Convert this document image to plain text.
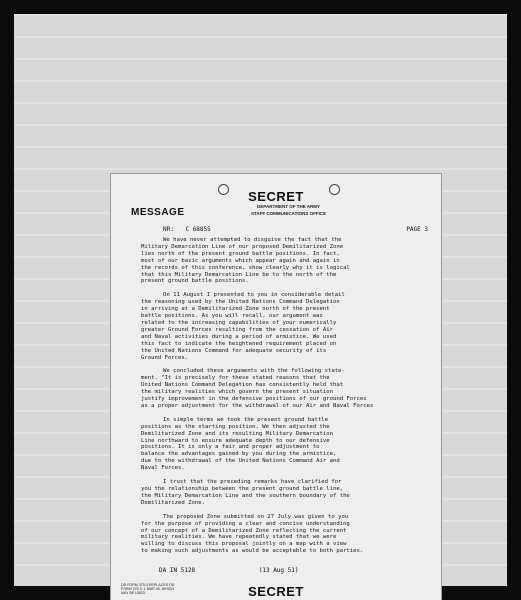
SECRET
MESSAGE
DEPARTMENT OF THE ARMY
STAFF COMMUNICATIONS OFFICE
NR: C 68855	PAGE 3

We have never attempted to disguise the fact that the
Military Demarcation Line of our proposed Demilitarized Zone
lies north of the present ground battle positions. In fact,
most of our basic arguments which appear again and again in
the records of this conference, show clearly why it is logical
that this Military Demarcation Line be to the north of the
present ground battle positions.

On 11 August I presented to you in considerable detail
the reasoning used by the United Nations Command Delegation
in arriving at a Demilitarized Zone north of the present
battle positions. As you will recall, our argument was
related to the increasing capabilities of your numerically
greater Ground Forces resulting from the cessation of Air
and Naval activities during a period of armistice. We used
this fact to indicate the heightened requirement placed on
the United Nations Command for adequate security of its
Ground Forces.

We concluded these arguments with the following state-
ment. "It is precisely for these stated reasons that the
United Nations Command Delegation has consistently held that
the military realities which govern the present situation
justify improvement in the defensive positions of our ground Forces
as a proper adjustment for the withdrawal of our Air and Naval Forces

In simple terms we took the present ground battle
positions as the starting position. We then adjusted the
Demilitarized Zone and its resulting Military Demarcation
Line northward to ensure adequate depth to our defensive
positions. It is only a fair and proper adjustment to
balance the advantages gained by you during the armistice,
due to the withdrawal of the United Nations Command Air and
Naval Forces.

I trust that the preceding remarks have clarified for
you the relationship between the present ground battle line,
the Military Demarcation Line and the southern boundary of the
Demilitarized Zone.

The proposed Zone submitted on 27 July was given to you
for the purpose of providing a clear and concise understanding
of our concept of a Demilitarized Zone reflecting the current
military realities. We have repeatedly stated that we were
willing to discuss this proposal jointly on a map with a view
to making such adjustments as would be acceptable to both parties.

DA IN 5128	(13 Aug 51)
DD FORM 375-3 REPLACES DD FORM 375-3, 1 MAR 49, WHICH MAY BE USED.	SECRET
